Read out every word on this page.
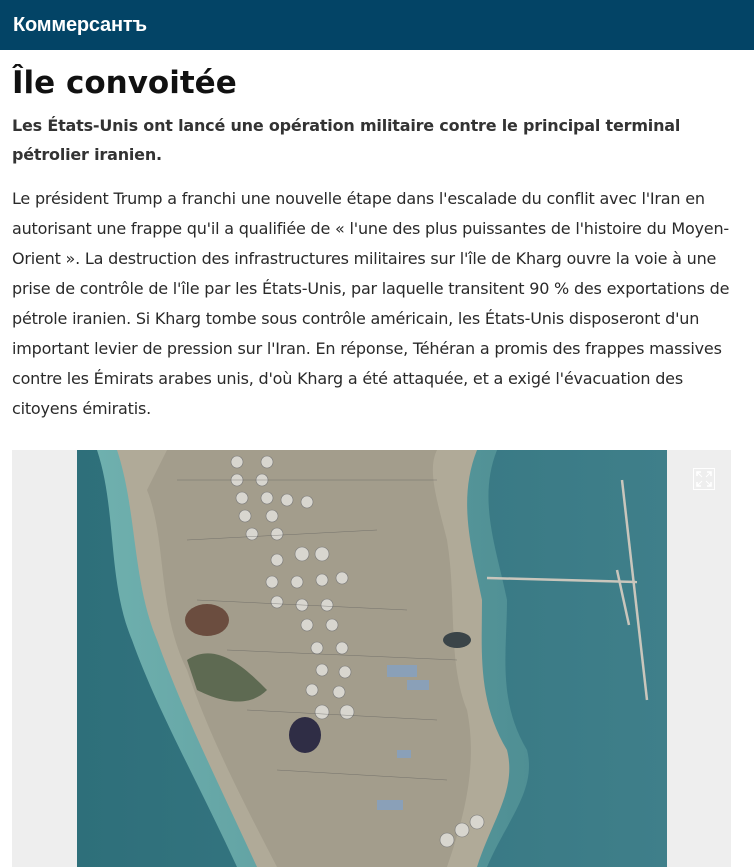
Коммерсантъ
Île convoitée

Les États-Unis ont lancé une opération militaire contre le principal terminal pétrolier iranien.

Le président Trump a franchi une nouvelle étape dans l'escalade du conflit avec l'Iran en autorisant une frappe qu'il a qualifiée de « l'une des plus puissantes de l'histoire du Moyen-Orient ». La destruction des infrastructures militaires sur l'île de Kharg ouvre la voie à une prise de contrôle de l'île par les États-Unis, par laquelle transitent 90 % des exportations de pétrole iranien. Si Kharg tombe sous contrôle américain, les États-Unis disposeront d'un important levier de pression sur l'Iran. En réponse, Téhéran a promis des frappes massives contre les Émirats arabes unis, d'où Kharg a été attaquée, et a exigé l'évacuation des citoyens émiratis.
